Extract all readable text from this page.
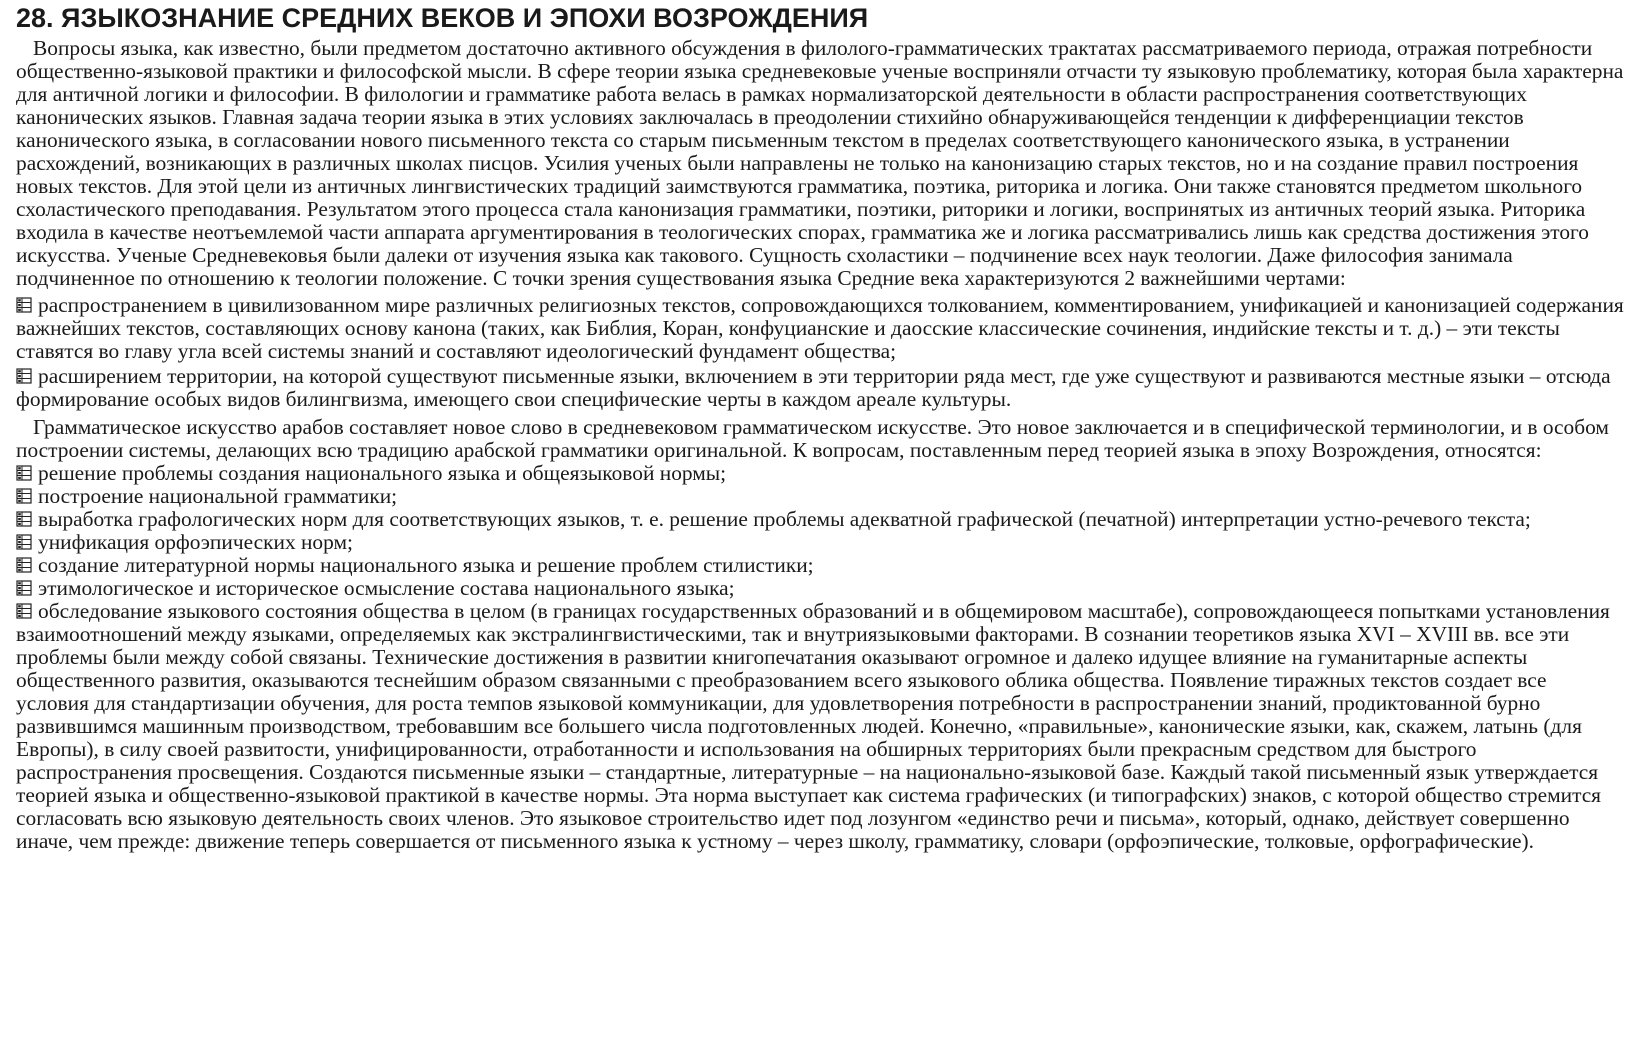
28. ЯЗЫКОЗНАНИЕ СРЕДНИХ ВЕКОВ И ЭПОХИ ВОЗРОЖДЕНИЯ

Вопросы языка, как известно, были предметом достаточно активного обсуждения в филолого-грамматических трактатах рассматриваемого периода, отражая потребности общественно-языковой практики и философской мысли. В сфере теории языка средневековые ученые восприняли отчасти ту языковую проблематику, которая была характерна для античной логики и философии. В филологии и грамматике работа велась в рамках нормализаторской деятельности в области распространения соответствующих канонических языков. Главная задача теории языка в этих условиях заключалась в преодолении стихийно обнаруживающейся тенденции к дифференциации текстов канонического языка, в согласовании нового письменного текста со старым письменным текстом в пределах соответствующего канонического языка, в устранении расхождений, возникающих в различных школах писцов. Усилия ученых были направлены не только на канонизацию старых текстов, но и на создание правил построения новых текстов. Для этой цели из античных лингвистических традиций заимствуются грамматика, поэтика, риторика и логика. Они также становятся предметом школьного схоластического преподавания. Результатом этого процесса стала канонизация грамматики, поэтики, риторики и логики, воспринятых из античных теорий языка. Риторика входила в качестве неотъемлемой части аппарата аргументирования в теологических спорах, грамматика же и логика рассматривались лишь как средства достижения этого искусства. Ученые Средневековья были далеки от изучения языка как такового. Сущность схоластики – подчинение всех наук теологии. Даже философия занимала подчиненное по отношению к теологии положение. С точки зрения существования языка Средние века характеризуются 2 важнейшими чертами:

распространением в цивилизованном мире различных религиозных текстов, сопровождающихся толкованием, комментированием, унификацией и канонизацией содержания важнейших текстов, составляющих основу канона (таких, как Библия, Коран, конфуцианские и даосские классические сочинения, индийские тексты и т. д.) – эти тексты ставятся во главу угла всей системы знаний и составляют идеологический фундамент общества;
расширением территории, на которой существуют письменные языки, включением в эти территории ряда мест, где уже существуют и развиваются местные языки – отсюда формирование особых видов билингвизма, имеющего свои специфические черты в каждом ареале культуры.

Грамматическое искусство арабов составляет новое слово в средневековом грамматическом искусстве. Это новое заключается и в специфической терминологии, и в особом построении системы, делающих всю традицию арабской грамматики оригинальной. К вопросам, поставленным перед теорией языка в эпоху Возрождения, относятся:

решение проблемы создания национального языка и общеязыковой нормы;
построение национальной грамматики;
выработка графологических норм для соответствующих языков, т. е. решение проблемы адекватной графической (печатной) интерпретации устно-речевого текста;
унификация орфоэпических норм;
создание литературной нормы национального языка и решение проблем стилистики;
этимологическое и историческое осмысление состава национального языка;
обследование языкового состояния общества в целом (в границах государственных образований и в общемировом масштабе), сопровождающееся попытками установления взаимоотношений между языками, определяемых как экстралингвистическими, так и внутриязыковыми факторами. В сознании теоретиков языка XVI – XVIII вв. все эти проблемы были между собой связаны. Технические достижения в развитии книгопечатания оказывают огромное и далеко идущее влияние на гуманитарные аспекты общественного развития, оказываются теснейшим образом связанными с преобразованием всего языкового облика общества. Появление тиражных текстов создает все условия для стандартизации обучения, для роста темпов языковой коммуникации, для удовлетворения потребности в распространении знаний, продиктованной бурно развившимся машинным производством, требовавшим все большего числа подготовленных людей. Конечно, «правильные», канонические языки, как, скажем, латынь (для Европы), в силу своей развитости, унифицированности, отработанности и использования на обширных территориях были прекрасным средством для быстрого распространения просвещения. Создаются письменные языки – стандартные, литературные – на национально-языковой базе. Каждый такой письменный язык утверждается теорией языка и общественно-языковой практикой в качестве нормы. Эта норма выступает как система графических (и типографских) знаков, с которой общество стремится согласовать всю языковую деятельность своих членов. Это языковое строительство идет под лозунгом «единство речи и письма», который, однако, действует совершенно иначе, чем прежде: движение теперь совершается от письменного языка к устному – через школу, грамматику, словари (орфоэпические, толковые, орфографические).
